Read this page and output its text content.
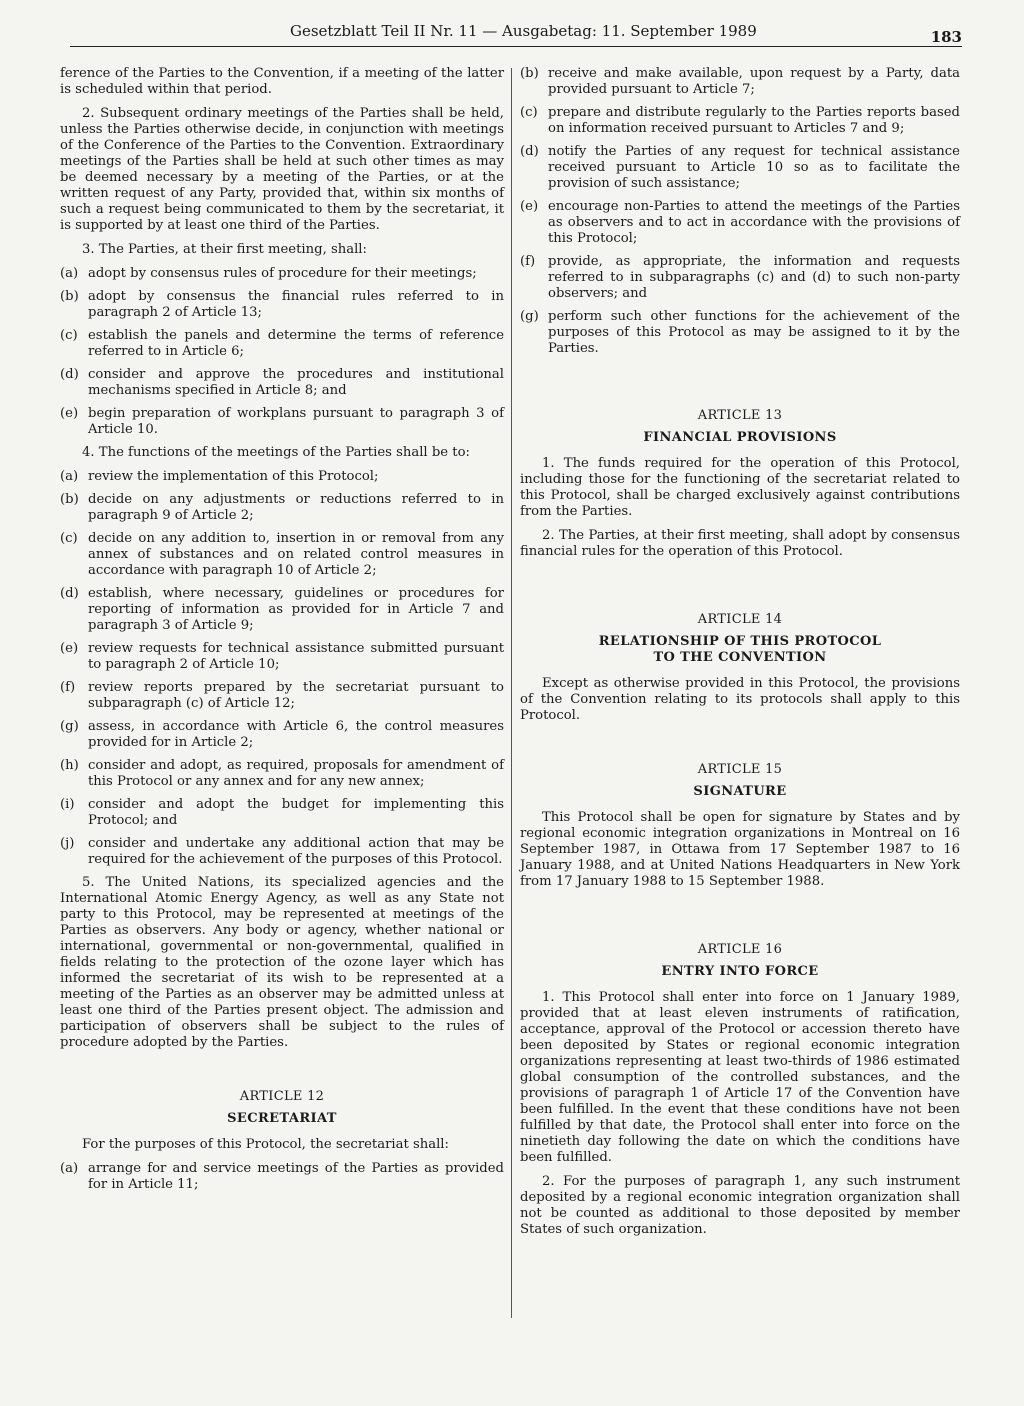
Gesetzblatt Teil II Nr. 11 — Ausgabetag: 11. September 1989	183

ference of the Parties to the Convention, if a meeting of the latter is scheduled within that period.

2. Subsequent ordinary meetings of the Parties shall be held, unless the Parties otherwise decide, in conjunction with meetings of the Conference of the Parties to the Convention. Extraordinary meetings of the Parties shall be held at such other times as may be deemed necessary by a meeting of the Parties, or at the written request of any Party, provided that, within six months of such a request being communicated to them by the secretariat, it is supported by at least one third of the Parties.

3. The Parties, at their first meeting, shall:

(a) adopt by consensus rules of procedure for their meetings;
(b) adopt by consensus the financial rules referred to in paragraph 2 of Article 13;
(c) establish the panels and determine the terms of reference referred to in Article 6;
(d) consider and approve the procedures and institutional mechanisms specified in Article 8; and
(e) begin preparation of workplans pursuant to paragraph 3 of Article 10.

4. The functions of the meetings of the Parties shall be to:

(a) review the implementation of this Protocol;
(b) decide on any adjustments or reductions referred to in paragraph 9 of Article 2;
(c) decide on any addition to, insertion in or removal from any annex of substances and on related control measures in accordance with paragraph 10 of Article 2;
(d) establish, where necessary, guidelines or procedures for reporting of information as provided for in Article 7 and paragraph 3 of Article 9;
(e) review requests for technical assistance submitted pursuant to paragraph 2 of Article 10;
(f) review reports prepared by the secretariat pursuant to subparagraph (c) of Article 12;
(g) assess, in accordance with Article 6, the control measures provided for in Article 2;
(h) consider and adopt, as required, proposals for amendment of this Protocol or any annex and for any new annex;
(i)	consider and adopt the budget for implementing this Protocol; and
(j)	consider and undertake any additional action that may be required for the achievement of the purposes of this Protocol.

5. The United Nations, its specialized agencies and the International Atomic Energy Agency, as well as any State not party to this Protocol, may be represented at meetings of the Parties as observers. Any body or agency, whether national or international, governmental or non-governmental, qualified in fields relating to the protection of the ozone layer which has informed the secretariat of its wish to be represented at a meeting of the Parties as an observer may be admitted unless at least one third of the Parties present object. The admission and participation of observers shall be subject to the rules of procedure adopted by the Parties.

ARTICLE 12
SECRETARIAT

For the purposes of this Protocol, the secretariat shall:

(a) arrange for and service meetings of the Parties as provided for in Article 11;
(b) receive and make available, upon request by a Party, data provided pursuant to Article 7;
(c) prepare and distribute regularly to the Parties reports based on information received pursuant to Articles 7 and 9;
(d) notify the Parties of any request for technical assistance received pursuant to Article 10 so as to facilitate the provision of such assistance;
(e) encourage non-Parties to attend the meetings of the Parties as observers and to act in accordance with the provisions of this Protocol;
(f) provide, as appropriate, the information and requests referred to in subparagraphs (c) and (d) to such non-party observers; and
(g) perform such other functions for the achievement of the purposes of this Protocol as may be assigned to it by the Parties.
ARTICLE 13
FINANCIAL PROVISIONS

1. The funds required for the operation of this Protocol, including those for the functioning of the secretariat related to this Protocol, shall be charged exclusively against contributions from the Parties.

2. The Parties, at their first meeting, shall adopt by consensus financial rules for the operation of this Protocol.

ARTICLE 14
RELATIONSHIP OF THIS PROTOCOL
TO THE CONVENTION

Except as otherwise provided in this Protocol, the provisions of the Convention relating to its protocols shall apply to this Protocol.

ARTICLE 15
SIGNATURE

This Protocol shall be open for signature by States and by regional economic integration organizations in Montreal on 16 September 1987, in Ottawa from 17 September 1987 to 16 January 1988, and at United Nations Headquarters in New York from 17 January 1988 to 15 September 1988.

ARTICLE 16
ENTRY INTO FORCE

1. This Protocol shall enter into force on 1 January 1989, provided that at least eleven instruments of ratification, acceptance, approval of the Protocol or accession thereto have been deposited by States or regional economic integration organizations representing at least two-thirds of 1986 estimated global consumption of the controlled substances, and the provisions of paragraph 1 of Article 17 of the Convention have been fulfilled. In the event that these conditions have not been fulfilled by that date, the Protocol shall enter into force on the ninetieth day following the date on which the conditions have been fulfilled.

2. For the purposes of paragraph 1, any such instrument deposited by a regional economic integration organization shall not be counted as additional to those deposited by member States of such organization.
